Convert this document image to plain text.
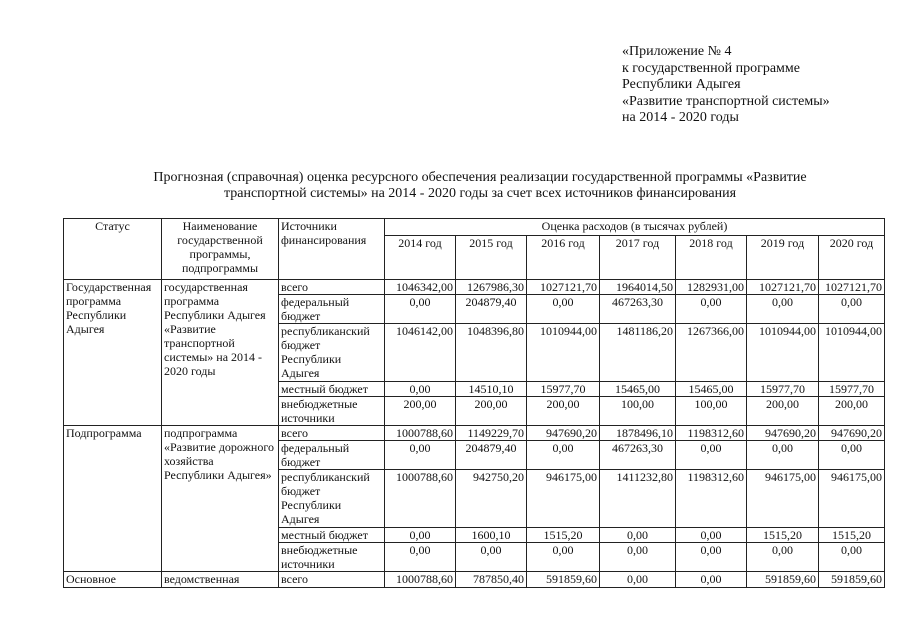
«Приложение № 4
к государственной программе
Республики Адыгея
«Развитие транспортной системы»
на 2014 - 2020 годы
Прогнозная (справочная) оценка ресурсного обеспечения реализации государственной программы «Развитие
транспортной системы» на 2014 - 2020 годы за счет всех источников финансирования
Статус	Наименование государственной программы, подпрограммы	Источники финансирования	Оценка расходов (в тысячах рублей)						
			2014 год	2015 год	2016 год	2017 год	2018 год	2019 год	2020 год
Государственная программа Республики Адыгея	государственная программа Республики Адыгея «Развитие транспортной системы» на 2014 - 2020 годы	всего	1046342,00	1267986,30	1027121,70	1964014,50	1282931,00	1027121,70	1027121,70
		федеральный бюджет	0,00	204879,40	0,00	467263,30	0,00	0,00	0,00
		республиканский бюджет Республики Адыгея	1046142,00	1048396,80	1010944,00	1481186,20	1267366,00	1010944,00	1010944,00
		местный бюджет	0,00	14510,10	15977,70	15465,00	15465,00	15977,70	15977,70
		внебюджетные источники	200,00	200,00	200,00	100,00	100,00	200,00	200,00
Подпрограмма	подпрограмма «Развитие дорожного хозяйства Республики Адыгея»	всего	1000788,60	1149229,70	947690,20	1878496,10	1198312,60	947690,20	947690,20
		федеральный бюджет	0,00	204879,40	0,00	467263,30	0,00	0,00	0,00
		республиканский бюджет Республики Адыгея	1000788,60	942750,20	946175,00	1411232,80	1198312,60	946175,00	946175,00
		местный бюджет	0,00	1600,10	1515,20	0,00	0,00	1515,20	1515,20
		внебюджетные источники	0,00	0,00	0,00	0,00	0,00	0,00	0,00
Основное	ведомственная	всего	1000788,60	787850,40	591859,60	0,00	0,00	591859,60	591859,60
